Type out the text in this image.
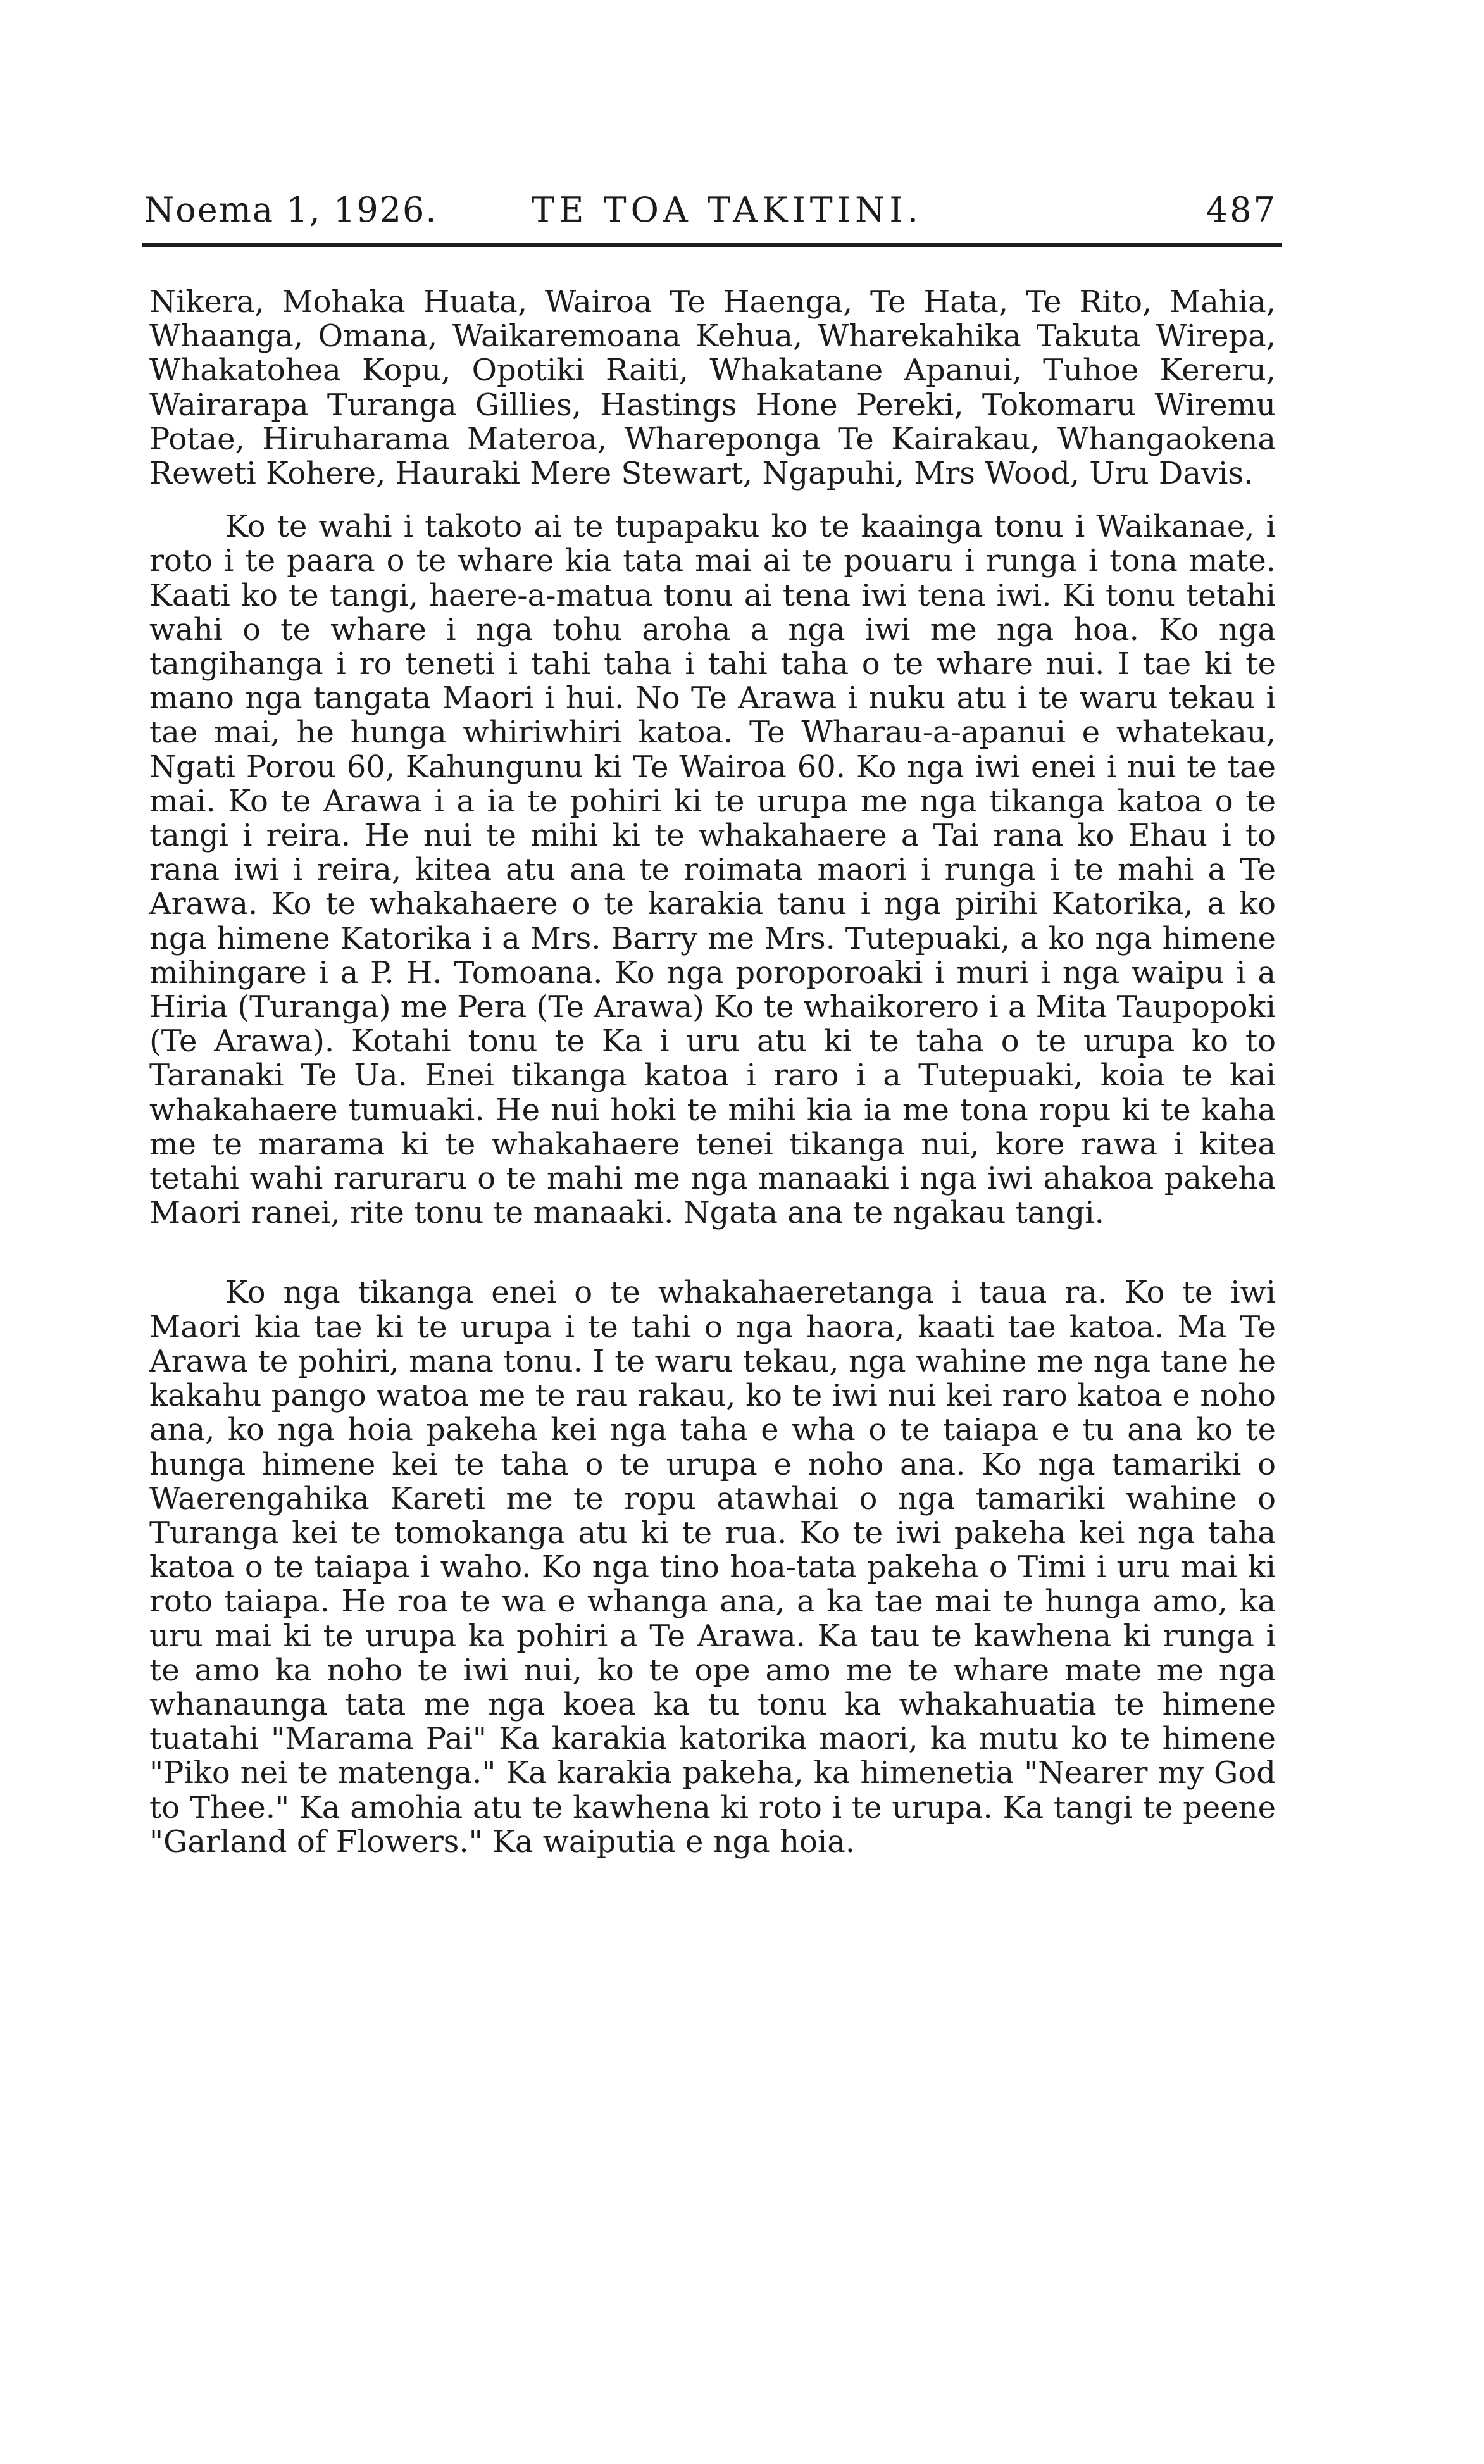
Noema 1, 1926.	TE TOA TAKITINI.	487

Nikera, Mohaka Huata, Wairoa Te Haenga, Te Hata, Te Rito, Mahia, Whaanga, Omana, Waikaremoana Kehua, Wharekahika Takuta Wirepa, Whakatohea Kopu, Opotiki Raiti, Whakatane Apanui, Tuhoe Kereru, Wairarapa Turanga Gillies, Hastings Hone Pereki, Tokomaru Wiremu Potae, Hiruharama Materoa, Whareponga Te Kairakau, Whangaokena Reweti Kohere, Hauraki Mere Stewart, Ngapuhi, Mrs Wood, Uru Davis.

Ko te wahi i takoto ai te tupapaku ko te kaainga tonu i Waikanae, i roto i te paara o te whare kia tata mai ai te pouaru i runga i tona mate. Kaati ko te tangi, haere-a-matua tonu ai tena iwi tena iwi. Ki tonu tetahi wahi o te whare i nga tohu aroha a nga iwi me nga hoa. Ko nga tangihanga i ro teneti i tahi taha i tahi taha o te whare nui. I tae ki te mano nga tangata Maori i hui. No Te Arawa i nuku atu i te waru tekau i tae mai, he hunga whiriwhiri katoa. Te Wharau-a-apanui e whatekau, Ngati Porou 60, Kahungunu ki Te Wairoa 60. Ko nga iwi enei i nui te tae mai. Ko te Arawa i a ia te pohiri ki te urupa me nga tikanga katoa o te tangi i reira. He nui te mihi ki te whakahaere a Tai rana ko Ehau i to rana iwi i reira, kitea atu ana te roimata maori i runga i te mahi a Te Arawa. Ko te whakahaere o te karakia tanu i nga pirihi Katorika, a ko nga himene Katorika i a Mrs. Barry me Mrs. Tutepuaki, a ko nga himene mihingare i a P. H. Tomoana. Ko nga poroporoaki i muri i nga waipu i a Hiria (Turanga) me Pera (Te Arawa) Ko te whaikorero i a Mita Taupopoki (Te Arawa). Kotahi tonu te Ka i uru atu ki te taha o te urupa ko to Taranaki Te Ua. Enei tikanga katoa i raro i a Tutepuaki, koia te kai whakahaere tumuaki. He nui hoki te mihi kia ia me tona ropu ki te kaha me te marama ki te whakahaere tenei tikanga nui, kore rawa i kitea tetahi wahi raruraru o te mahi me nga manaaki i nga iwi ahakoa pakeha Maori ranei, rite tonu te manaaki. Ngata ana te ngakau tangi.

Ko nga tikanga enei o te whakahaeretanga i taua ra. Ko te iwi Maori kia tae ki te urupa i te tahi o nga haora, kaati tae katoa. Ma Te Arawa te pohiri, mana tonu. I te waru tekau, nga wahine me nga tane he kakahu pango watoa me te rau rakau, ko te iwi nui kei raro katoa e noho ana, ko nga hoia pakeha kei nga taha e wha o te taiapa e tu ana ko te hunga himene kei te taha o te urupa e noho ana. Ko nga tamariki o Waerengahika Kareti me te ropu atawhai o nga tamariki wahine o Turanga kei te tomokanga atu ki te rua. Ko te iwi pakeha kei nga taha katoa o te taiapa i waho. Ko nga tino hoa-tata pakeha o Timi i uru mai ki roto taiapa. He roa te wa e whanga ana, a ka tae mai te hunga amo, ka uru mai ki te urupa ka pohiri a Te Arawa. Ka tau te kawhena ki runga i te amo ka noho te iwi nui, ko te ope amo me te whare mate me nga whanaunga tata me nga koea ka tu tonu ka whakahuatia te himene tuatahi "Marama Pai" Ka karakia katorika maori, ka mutu ko te himene "Piko nei te matenga." Ka karakia pakeha, ka himenetia "Nearer my God to Thee." Ka amohia atu te kawhena ki roto i te urupa. Ka tangi te peene "Garland of Flowers." Ka waiputia e nga hoia.
